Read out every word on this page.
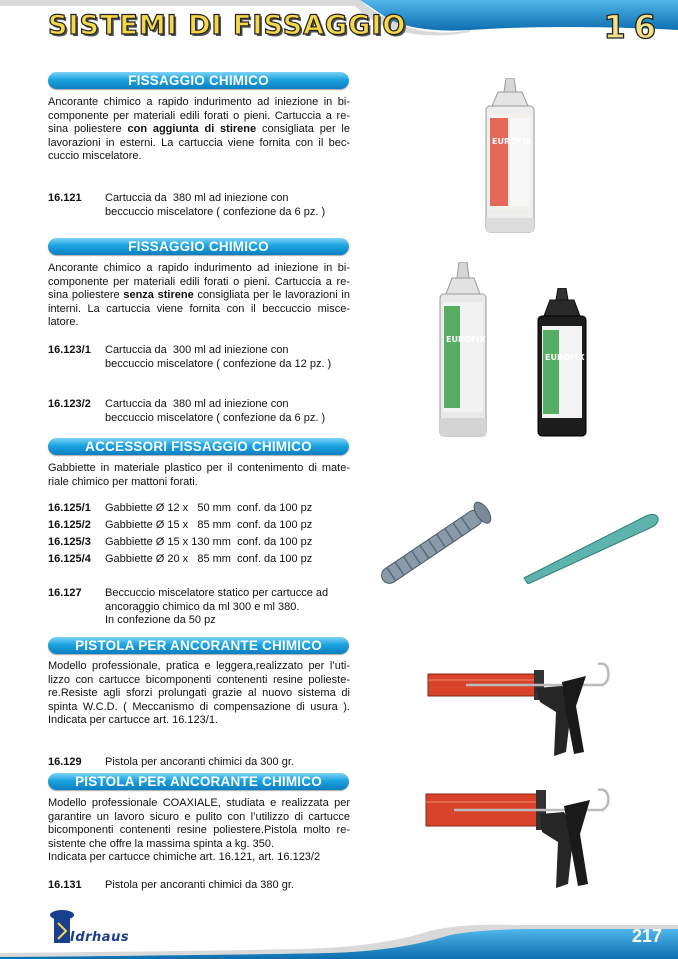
SISTEMI DI FISSAGGIO	16
FISSAGGIO CHIMICO
Ancorante chimico a rapido indurimento ad iniezione in bi-componente per materiali edili forati o pieni. Cartuccia a re-sina poliestere con aggiunta di stirene consigliata per le lavorazioni in esterni. La cartuccia viene fornita con il bec-cuccio miscelatore.
16.121 Cartuccia da  380 ml ad iniezione con
beccuccio miscelatore ( confezione da 6 pz. )
FISSAGGIO CHIMICO
Ancorante chimico a rapido indurimento ad iniezione in bi-componente per materiali edili forati o pieni. Cartuccia a re-sina poliestere senza stirene consigliata per le lavorazioni in interni. La cartuccia viene fornita con il beccuccio misce-latore.
16.123/1 Cartuccia da  300 ml ad iniezione con
beccuccio miscelatore ( confezione da 12 pz. )
16.123/2 Cartuccia da  380 ml ad iniezione con
beccuccio miscelatore ( confezione da 6 pz. )
ACCESSORI FISSAGGIO CHIMICO
Gabbiette in materiale plastico per il contenimento di mate-riale chimico per mattoni forati.
16.125/1 Gabbiette Ø 12 x   50 mm  conf. da 100 pz
16.125/2 Gabbiette Ø 15 x   85 mm  conf. da 100 pz
16.125/3 Gabbiette Ø 15 x 130 mm  conf. da 100 pz
16.125/4 Gabbiette Ø 20 x   85 mm  conf. da 100 pz
16.127 Beccuccio miscelatore statico per cartucce ad
ancoraggio chimico da ml 300 e ml 380.
In confezione da 50 pz
PISTOLA PER ANCORANTE CHIMICO
Modello professionale, pratica e leggera,realizzato per l’uti-lizzo con cartucce bicomponenti contenenti resine polieste-re.Resiste agli sforzi prolungati grazie al nuovo sistema di spinta W.C.D. ( Meccanismo di compensazione di usura ). Indicata per cartucce art. 16.123/1.
16.129 Pistola per ancoranti chimici da 300 gr.
PISTOLA PER ANCORANTE CHIMICO
Modello professionale COAXIALE, studiata e realizzata per garantire un lavoro sicuro e pulito con l’utilizzo di cartucce bicomponenti contenenti resine poliestere.Pistola molto re-sistente che offre la massima spinta a kg. 350.
Indicata per cartucce chimiche art. 16.121, art. 16.123/2
16.131 Pistola per ancoranti chimici da 380 gr.
EUROFIX
EUROFIX
EUROFIX
Idrhaus	217
